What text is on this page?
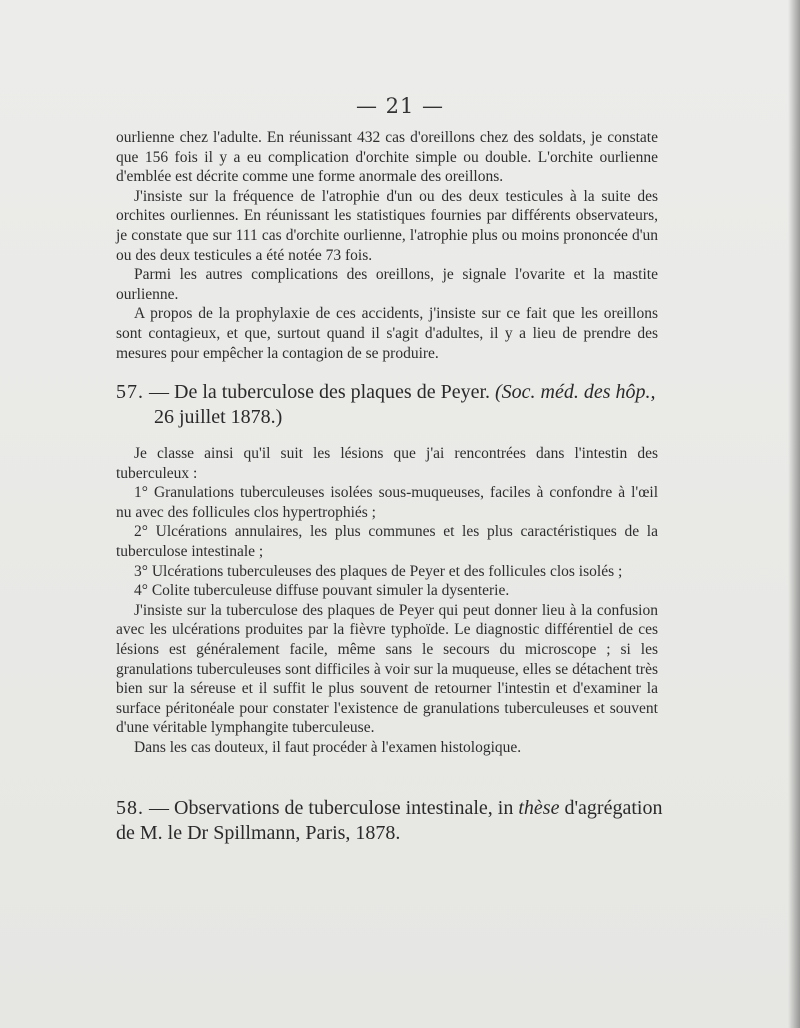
— 21 —

ourlienne chez l'adulte. En réunissant 432 cas d'oreillons chez des soldats, je constate que 156 fois il y a eu complication d'orchite simple ou double. L'orchite ourlienne d'emblée est décrite comme une forme anormale des oreillons.

J'insiste sur la fréquence de l'atrophie d'un ou des deux testicules à la suite des orchites ourliennes. En réunissant les statistiques fournies par différents observateurs, je constate que sur 111 cas d'orchite ourlienne, l'atrophie plus ou moins prononcée d'un ou des deux testicules a été notée 73 fois.

Parmi les autres complications des oreillons, je signale l'ovarite et la mastite ourlienne.

A propos de la prophylaxie de ces accidents, j'insiste sur ce fait que les oreillons sont contagieux, et que, surtout quand il s'agit d'adultes, il y a lieu de prendre des mesures pour empêcher la contagion de se produire.

57. — De la tuberculose des plaques de Peyer. (Soc. méd. des hôp.,
26 juillet 1878.)

Je classe ainsi qu'il suit les lésions que j'ai rencontrées dans l'intestin des tuberculeux :

1° Granulations tuberculeuses isolées sous-muqueuses, faciles à confondre à l'œil nu avec des follicules clos hypertrophiés ;

2° Ulcérations annulaires, les plus communes et les plus caractéristiques de la tuberculose intestinale ;

3° Ulcérations tuberculeuses des plaques de Peyer et des follicules clos isolés ;

4° Colite tuberculeuse diffuse pouvant simuler la dysenterie.

J'insiste sur la tuberculose des plaques de Peyer qui peut donner lieu à la confusion avec les ulcérations produites par la fièvre typhoïde. Le diagnostic différentiel de ces lésions est généralement facile, même sans le secours du microscope ; si les granulations tuberculeuses sont difficiles à voir sur la muqueuse, elles se détachent très bien sur la séreuse et il suffit le plus souvent de retourner l'intestin et d'examiner la surface péritonéale pour constater l'existence de granulations tuberculeuses et souvent d'une véritable lymphangite tuberculeuse.

Dans les cas douteux, il faut procéder à l'examen histologique.

58. — Observations de tuberculose intestinale, in thèse d'agrégation de M. le Dr Spillmann, Paris, 1878.
